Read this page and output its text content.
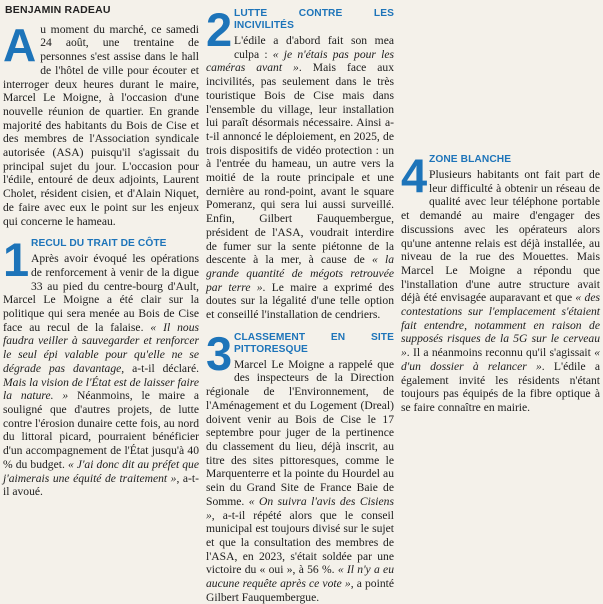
BENJAMIN RADEAU

Au moment du marché, ce samedi 24 août, une trentaine de personnes s'est assise dans le hall de l'hôtel de ville pour écouter et interroger deux heures durant le maire, Marcel Le Moigne, à l'occasion d'une nouvelle réunion de quartier. En grande majorité des habitants du Bois de Cise et des membres de l'Association syndicale autorisée (ASA) puisqu'il s'agissait du principal sujet du jour. L'occasion pour l'édile, entouré de deux adjoints, Laurent Cholet, résident cisien, et d'Alain Niquet, de faire avec eux le point sur les enjeux qui concerne le hameau.

1 RECUL DU TRAIT DE CÔTE

Après avoir évoqué les opérations de renforcement à venir de la digue 33 au pied du centre-bourg d'Ault, Marcel Le Moigne a été clair sur la politique qui sera menée au Bois de Cise face au recul de la falaise. « Il nous faudra veiller à sauvegarder et renforcer le seul épi valable pour qu'elle ne se dégrade pas davantage, a-t-il déclaré. Mais la vision de l'État est de laisser faire la nature. » Néanmoins, le maire a souligné que d'autres projets, de lutte contre l'érosion dunaire cette fois, au nord du littoral picard, pourraient bénéficier d'un accompagnement de l'État jusqu'à 40 % du budget. « J'ai donc dit au préfet que j'aimerais une équité de traitement », a-t-il avoué.

2 LUTTE CONTRE LES INCIVILITÉS

L'édile a d'abord fait son mea culpa : « je n'étais pas pour les caméras avant ». Mais face aux incivilités, pas seulement dans le très touristique Bois de Cise mais dans l'ensemble du village, leur installation lui paraît désormais nécessaire. Ainsi a-t-il annoncé le déploiement, en 2025, de trois dispositifs de vidéo protection : un à l'entrée du hameau, un autre vers la moitié de la route principale et une dernière au rond-point, avant le square Pomeranz, qui sera lui aussi surveillé. Enfin, Gilbert Fauquembergue, président de l'ASA, voudrait interdire de fumer sur la sente piétonne de la descente à la mer, à cause de « la grande quantité de mégots retrouvée par terre ». Le maire a exprimé des doutes sur la légalité d'une telle option et conseillé l'installation de cendriers.

3 CLASSEMENT EN SITE PITTORESQUE

Marcel Le Moigne a rappelé que des inspecteurs de la Direction régionale de l'Environnement, de l'Aménagement et du Logement (Dreal) doivent venir au Bois de Cise le 17 septembre pour juger de la pertinence du classement du lieu, déjà inscrit, au titre des sites pittoresques, comme le Marquenterre et la pointe du Hourdel au sein du Grand Site de France Baie de Somme. « On suivra l'avis des Cisiens », a-t-il répété alors que le conseil municipal est toujours divisé sur le sujet et que la consultation des membres de l'ASA, en 2023, s'était soldée par une victoire du « oui », à 56 %. « Il n'y a eu aucune requête après ce vote », a pointé Gilbert Fauquembergue.

4 ZONE BLANCHE

Plusieurs habitants ont fait part de leur difficulté à obtenir un réseau de qualité avec leur téléphone portable et demandé au maire d'engager des discussions avec les opérateurs alors qu'une antenne relais est déjà installée, au niveau de la rue des Mouettes. Mais Marcel Le Moigne a répondu que l'installation d'une autre structure avait déjà été envisagée auparavant et que « des contestations sur l'emplacement s'étaient fait entendre, notamment en raison de supposés risques de la 5G sur le cerveau ». Il a néanmoins reconnu qu'il s'agissait « d'un dossier à relancer ». L'édile a également invité les résidents n'étant toujours pas équipés de la fibre optique à se faire connaître en mairie.
